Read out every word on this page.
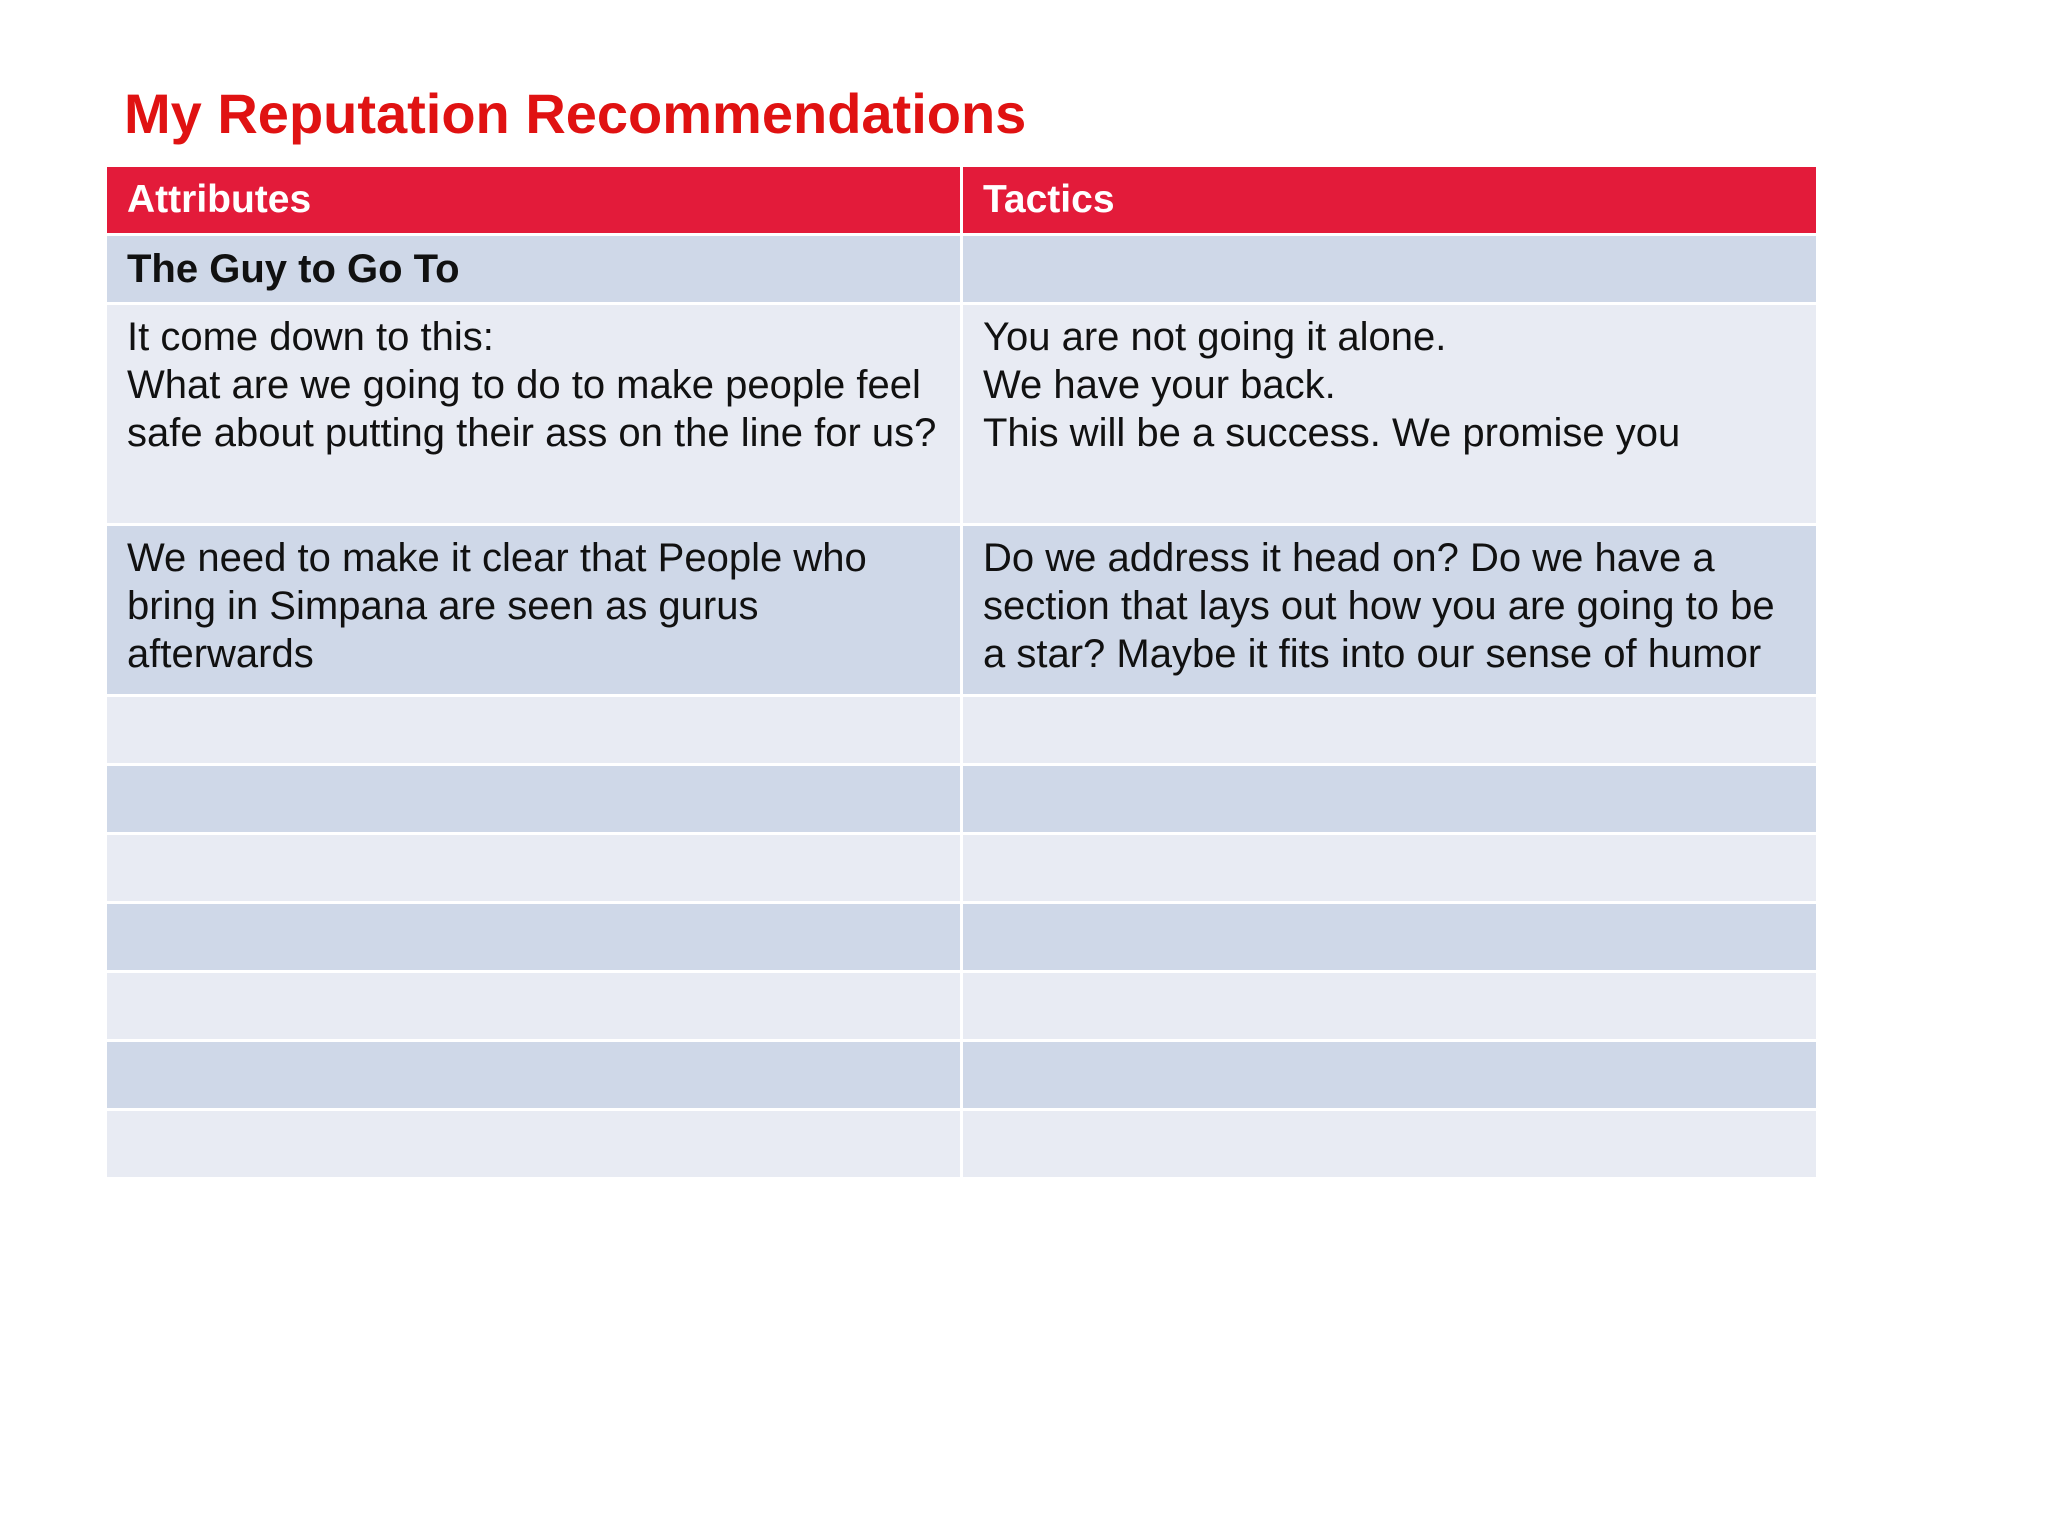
My Reputation Recommendations
Attributes	Tactics

The Guy to Go To	

It come down to this:
What are we going to do to make people feel
safe about putting their ass on the line for us?	You are not going it alone.
We have your back.
This will be a success. We promise you

We need to make it clear that People who
bring in Simpana are seen as gurus
afterwards	Do we address it head on? Do we have a
section that lays out how you are going to be
a star? Maybe it fits into our sense of humor
